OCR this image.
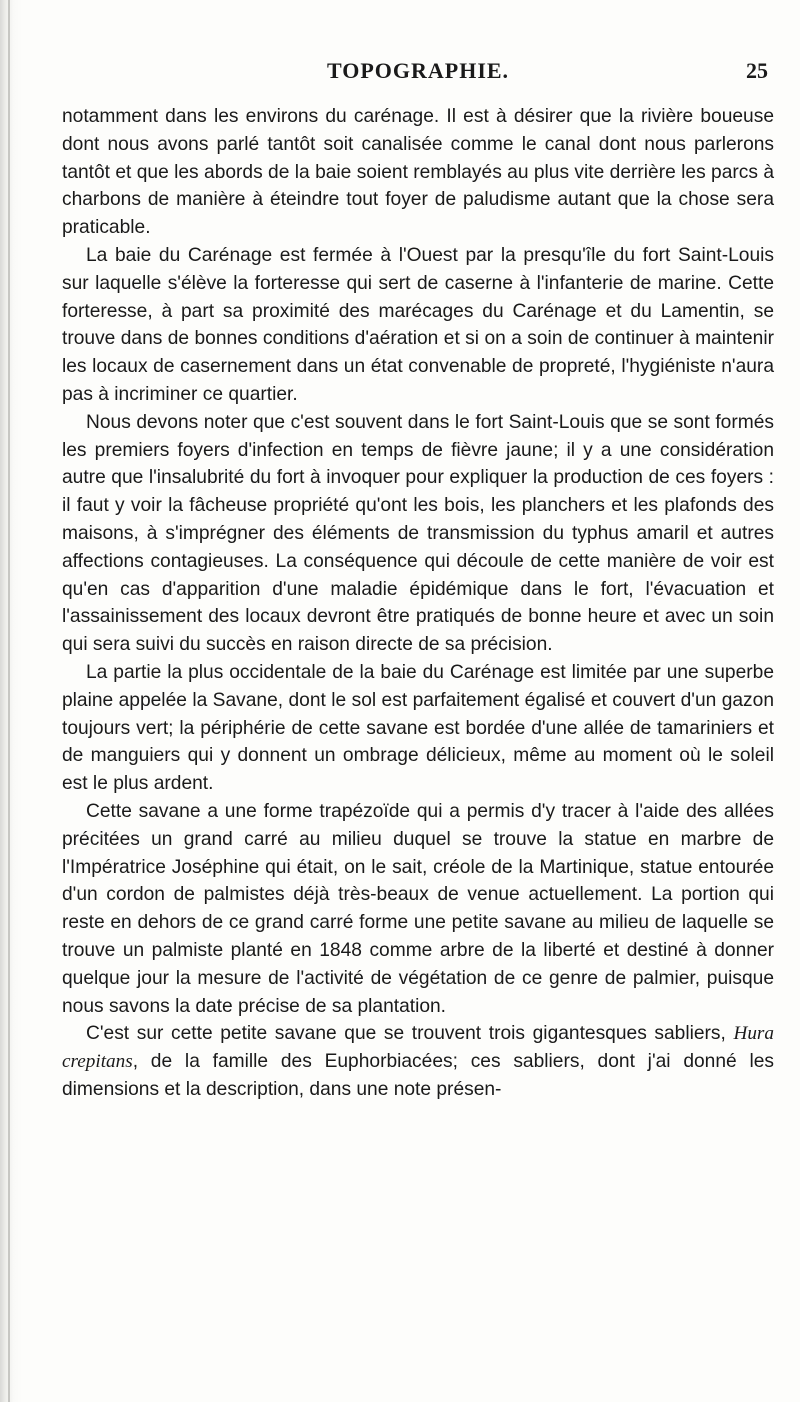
TOPOGRAPHIE.	25

notamment dans les environs du carénage. Il est à désirer que la rivière boueuse dont nous avons parlé tantôt soit canalisée comme le canal dont nous parlerons tantôt et que les abords de la baie soient remblayés au plus vite derrière les parcs à charbons de manière à éteindre tout foyer de paludisme autant que la chose sera praticable.

La baie du Carénage est fermée à l'Ouest par la presqu'île du fort Saint-Louis sur laquelle s'élève la forteresse qui sert de caserne à l'infanterie de marine. Cette forteresse, à part sa proximité des marécages du Carénage et du Lamentin, se trouve dans de bonnes conditions d'aération et si on a soin de continuer à maintenir les locaux de casernement dans un état convenable de propreté, l'hygiéniste n'aura pas à incriminer ce quartier.

Nous devons noter que c'est souvent dans le fort Saint-Louis que se sont formés les premiers foyers d'infection en temps de fièvre jaune; il y a une considération autre que l'insalubrité du fort à invoquer pour expliquer la production de ces foyers : il faut y voir la fâcheuse propriété qu'ont les bois, les planchers et les plafonds des maisons, à s'imprégner des éléments de transmission du typhus amaril et autres affections contagieuses. La conséquence qui découle de cette manière de voir est qu'en cas d'apparition d'une maladie épidémique dans le fort, l'évacuation et l'assainissement des locaux devront être pratiqués de bonne heure et avec un soin qui sera suivi du succès en raison directe de sa précision.

La partie la plus occidentale de la baie du Carénage est limitée par une superbe plaine appelée la Savane, dont le sol est parfaitement égalisé et couvert d'un gazon toujours vert; la périphérie de cette savane est bordée d'une allée de tamariniers et de manguiers qui y donnent un ombrage délicieux, même au moment où le soleil est le plus ardent.

Cette savane a une forme trapézoïde qui a permis d'y tracer à l'aide des allées précitées un grand carré au milieu duquel se trouve la statue en marbre de l'Impératrice Joséphine qui était, on le sait, créole de la Martinique, statue entourée d'un cordon de palmistes déjà très-beaux de venue actuellement. La portion qui reste en dehors de ce grand carré forme une petite savane au milieu de laquelle se trouve un palmiste planté en 1848 comme arbre de la liberté et destiné à donner quelque jour la mesure de l'activité de végétation de ce genre de palmier, puisque nous savons la date précise de sa plantation.

C'est sur cette petite savane que se trouvent trois gigantesques sabliers, Hura crepitans, de la famille des Euphorbiacées; ces sabliers, dont j'ai donné les dimensions et la description, dans une note présen-
